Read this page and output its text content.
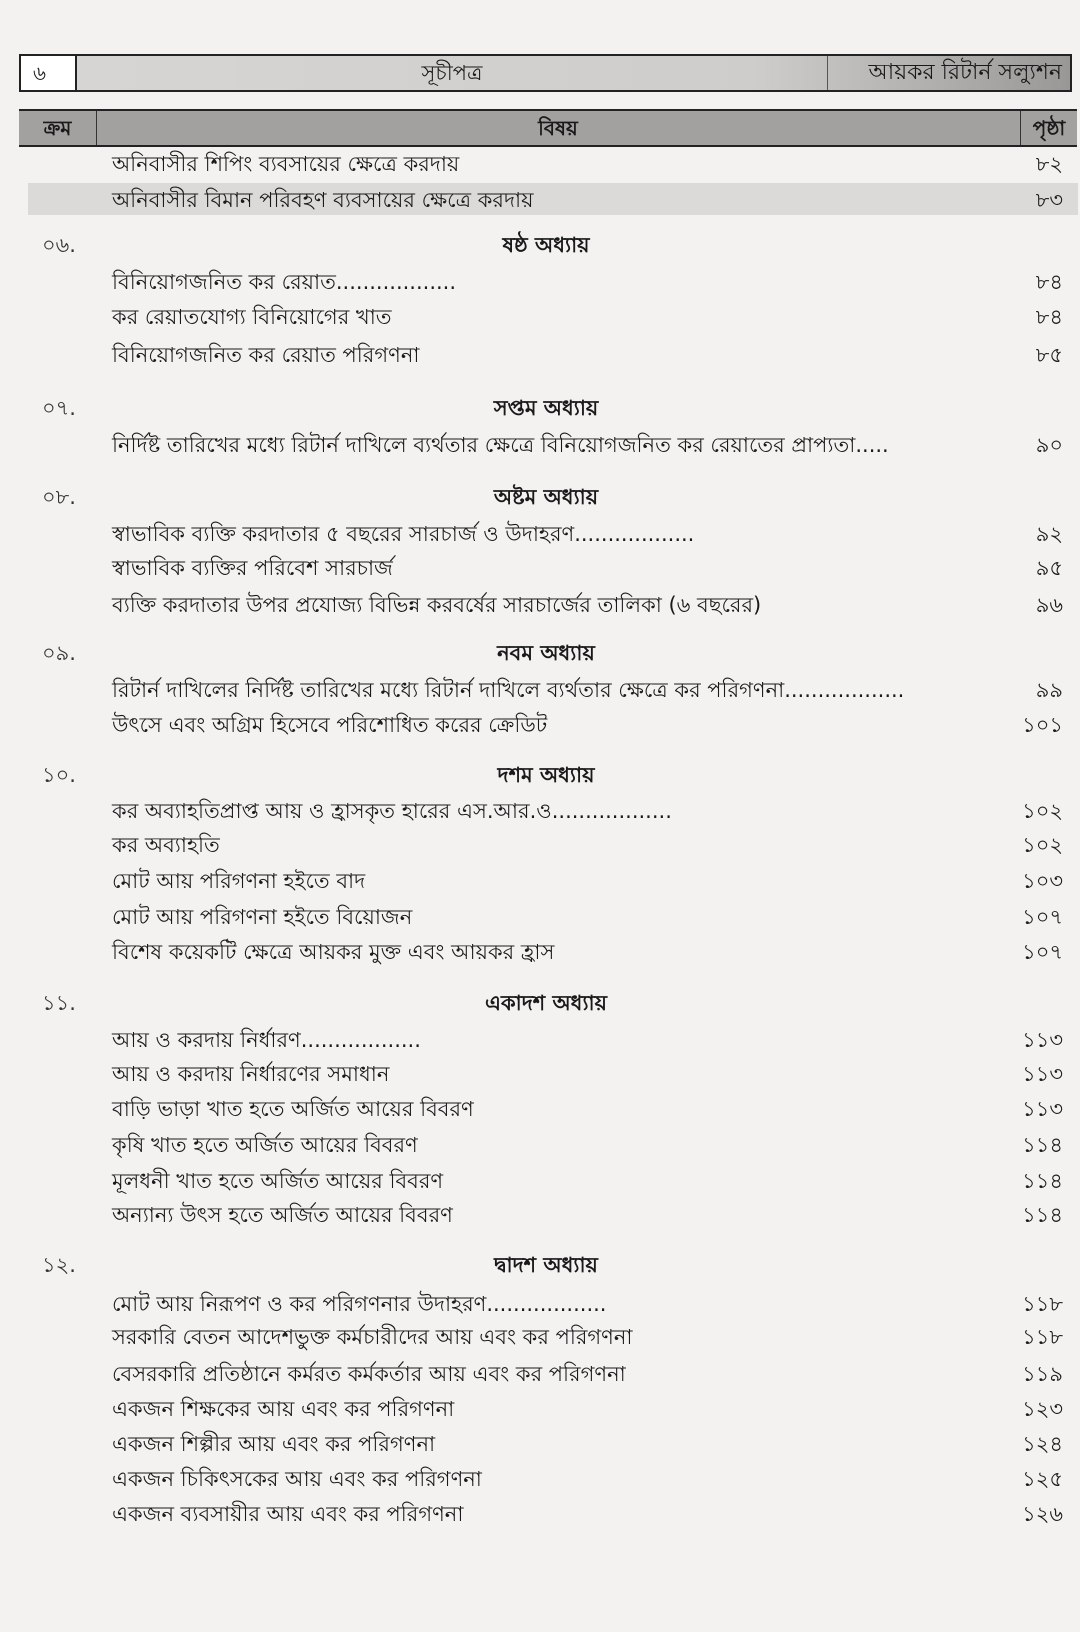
৬	সূচীপত্র	আয়কর রিটার্ন সল্যুশন
ক্রম	বিষয়	পৃষ্ঠা
অনিবাসীর শিপিং ব্যবসায়ের ক্ষেত্রে করদায়	৮২
অনিবাসীর বিমান পরিবহণ ব্যবসায়ের ক্ষেত্রে করদায়	৮৩
০৬.	ষষ্ঠ অধ্যায়
বিনিয়োগজনিত কর রেয়াত..................	৮৪
কর রেয়াতযোগ্য বিনিয়োগের খাত	৮৪
বিনিয়োগজনিত কর রেয়াত পরিগণনা	৮৫
০৭.	সপ্তম অধ্যায়
নির্দিষ্ট তারিখের মধ্যে রিটার্ন দাখিলে ব্যর্থতার ক্ষেত্রে বিনিয়োগজনিত কর রেয়াতের প্রাপ্যতা.....	৯০
০৮.	অষ্টম অধ্যায়
স্বাভাবিক ব্যক্তি করদাতার ৫ বছরের সারচার্জ ও উদাহরণ..................	৯২
স্বাভাবিক ব্যক্তির পরিবেশ সারচার্জ	৯৫
ব্যক্তি করদাতার উপর প্রযোজ্য বিভিন্ন করবর্ষের সারচার্জের তালিকা (৬ বছরের)	৯৬
০৯.	নবম অধ্যায়
রিটার্ন দাখিলের নির্দিষ্ট তারিখের মধ্যে রিটার্ন দাখিলে ব্যর্থতার ক্ষেত্রে কর পরিগণনা..................	৯৯
উৎসে এবং অগ্রিম হিসেবে পরিশোধিত করের ক্রেডিট	১০১
১০.	দশম অধ্যায়
কর অব্যাহতিপ্রাপ্ত আয় ও হ্রাসকৃত হারের এস.আর.ও..................	১০২
কর অব্যাহতি	১০২
মোট আয় পরিগণনা হইতে বাদ	১০৩
মোট আয় পরিগণনা হইতে বিয়োজন	১০৭
বিশেষ কয়েকটি ক্ষেত্রে আয়কর মুক্ত এবং আয়কর হ্রাস	১০৭
১১.	একাদশ অধ্যায়
আয় ও করদায় নির্ধারণ..................	১১৩
আয় ও করদায় নির্ধারণের সমাধান	১১৩
বাড়ি ভাড়া খাত হতে অর্জিত আয়ের বিবরণ	১১৩
কৃষি খাত হতে অর্জিত আয়ের বিবরণ	১১৪
মূলধনী খাত হতে অর্জিত আয়ের বিবরণ	১১৪
অন্যান্য উৎস হতে অর্জিত আয়ের বিবরণ	১১৪
১২.	দ্বাদশ অধ্যায়
মোট আয় নিরূপণ ও কর পরিগণনার উদাহরণ..................	১১৮
সরকারি বেতন আদেশভুক্ত কর্মচারীদের আয় এবং কর পরিগণনা	১১৮
বেসরকারি প্রতিষ্ঠানে কর্মরত কর্মকর্তার আয় এবং কর পরিগণনা	১১৯
একজন শিক্ষকের আয় এবং কর পরিগণনা	১২৩
একজন শিল্পীর আয় এবং কর পরিগণনা	১২৪
একজন চিকিৎসকের আয় এবং কর পরিগণনা	১২৫
একজন ব্যবসায়ীর আয় এবং কর পরিগণনা	১২৬
